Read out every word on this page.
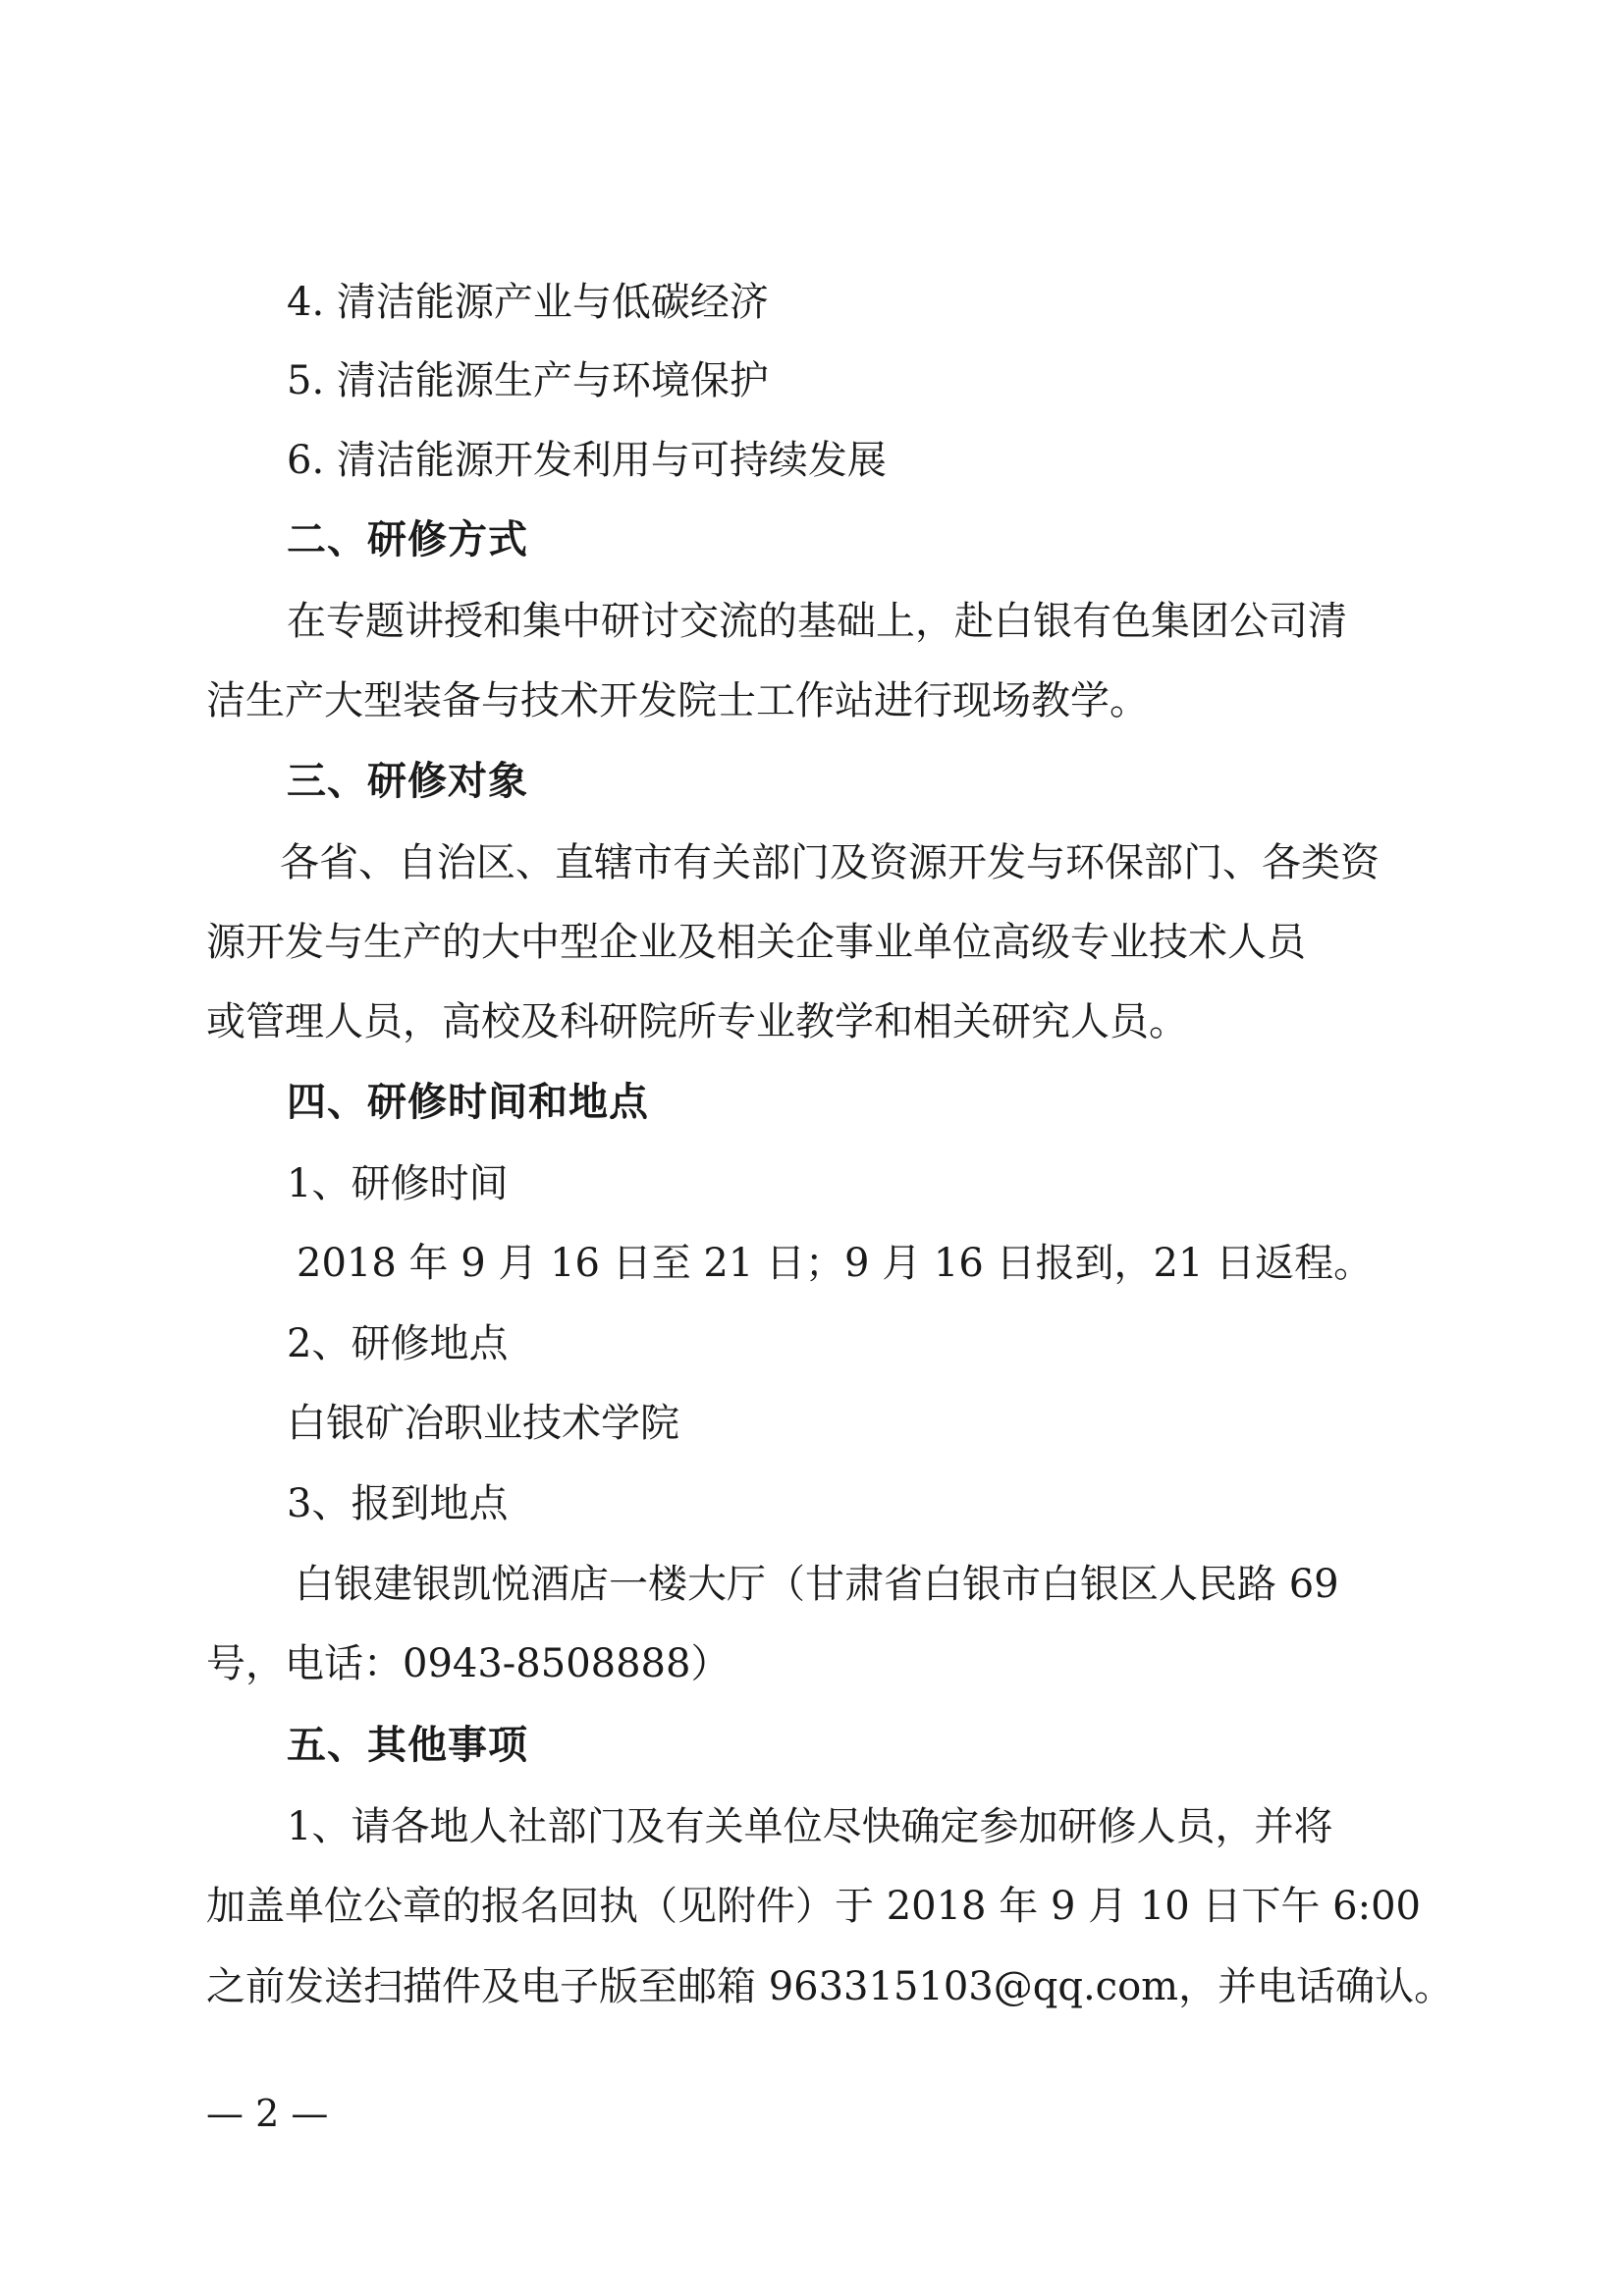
4. 清洁能源产业与低碳经济
5. 清洁能源生产与环境保护
6. 清洁能源开发利用与可持续发展
二、研修方式
在专题讲授和集中研讨交流的基础上，赴白银有色集团公司清
洁生产大型装备与技术开发院士工作站进行现场教学。
三、研修对象
各省、自治区、直辖市有关部门及资源开发与环保部门、各类资
源开发与生产的大中型企业及相关企事业单位高级专业技术人员
或管理人员，高校及科研院所专业教学和相关研究人员。
四、研修时间和地点
1、研修时间
2018 年 9 月 16 日至 21 日；9 月 16 日报到，21 日返程。
2、研修地点
白银矿冶职业技术学院
3、报到地点
白银建银凯悦酒店一楼大厅（甘肃省白银市白银区人民路 69
号，电话：0943-8508888）
五、其他事项
1、请各地人社部门及有关单位尽快确定参加研修人员，并将
加盖单位公章的报名回执（见附件）于 2018 年 9 月 10 日下午 6:00
之前发送扫描件及电子版至邮箱 963315103@qq.com，并电话确认。
— 2 —
